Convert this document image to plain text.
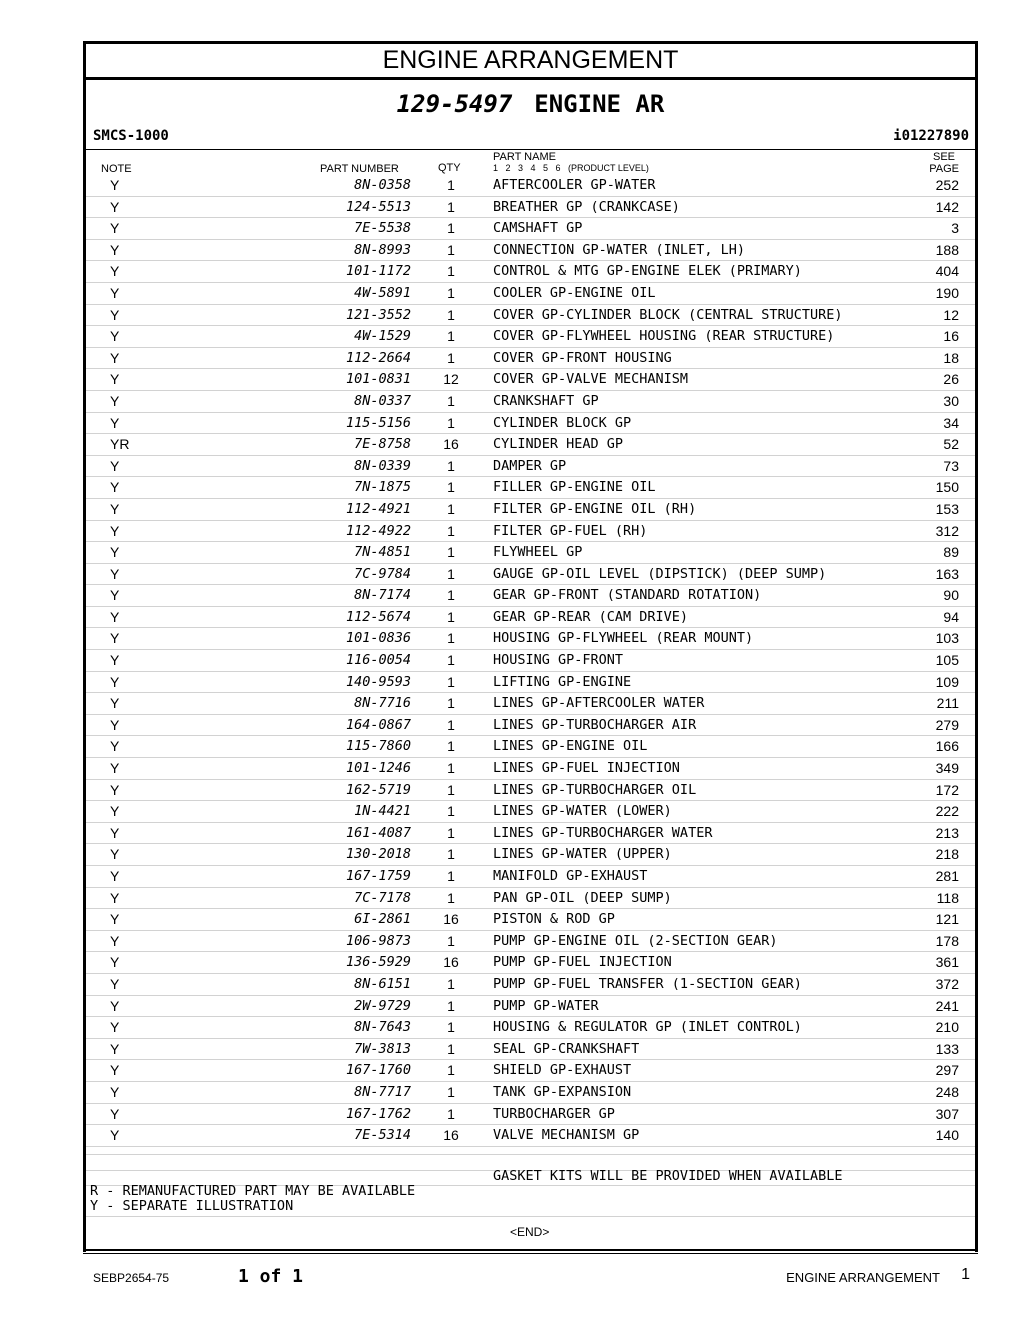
ENGINE ARRANGEMENT
129-5497 ENGINE AR
SMCS-1000	i01227890
NOTE	PART NUMBER	QTY
PART NAME
1   2   3   4   5   6   (PRODUCT LEVEL)
SEE
PAGE
Y	8N-0358	1	AFTERCOOLER GP-WATER	252
Y	124-5513	1	BREATHER GP (CRANKCASE)	142
Y	7E-5538	1	CAMSHAFT GP	3
Y	8N-8993	1	CONNECTION GP-WATER (INLET, LH)	188
Y	101-1172	1	CONTROL & MTG GP-ENGINE ELEK (PRIMARY)	404
Y	4W-5891	1	COOLER GP-ENGINE OIL	190
Y	121-3552	1	COVER GP-CYLINDER BLOCK (CENTRAL STRUCTURE)	12
Y	4W-1529	1	COVER GP-FLYWHEEL HOUSING (REAR STRUCTURE)	16
Y	112-2664	1	COVER GP-FRONT HOUSING	18
Y	101-0831	12	COVER GP-VALVE MECHANISM	26
Y	8N-0337	1	CRANKSHAFT GP	30
Y	115-5156	1	CYLINDER BLOCK GP	34
YR	7E-8758	16	CYLINDER HEAD GP	52
Y	8N-0339	1	DAMPER GP	73
Y	7N-1875	1	FILLER GP-ENGINE OIL	150
Y	112-4921	1	FILTER GP-ENGINE OIL (RH)	153
Y	112-4922	1	FILTER GP-FUEL (RH)	312
Y	7N-4851	1	FLYWHEEL GP	89
Y	7C-9784	1	GAUGE GP-OIL LEVEL (DIPSTICK) (DEEP SUMP)	163
Y	8N-7174	1	GEAR GP-FRONT (STANDARD ROTATION)	90
Y	112-5674	1	GEAR GP-REAR (CAM DRIVE)	94
Y	101-0836	1	HOUSING GP-FLYWHEEL (REAR MOUNT)	103
Y	116-0054	1	HOUSING GP-FRONT	105
Y	140-9593	1	LIFTING GP-ENGINE	109
Y	8N-7716	1	LINES GP-AFTERCOOLER WATER	211
Y	164-0867	1	LINES GP-TURBOCHARGER AIR	279
Y	115-7860	1	LINES GP-ENGINE OIL	166
Y	101-1246	1	LINES GP-FUEL INJECTION	349
Y	162-5719	1	LINES GP-TURBOCHARGER OIL	172
Y	1N-4421	1	LINES GP-WATER (LOWER)	222
Y	161-4087	1	LINES GP-TURBOCHARGER WATER	213
Y	130-2018	1	LINES GP-WATER (UPPER)	218
Y	167-1759	1	MANIFOLD GP-EXHAUST	281
Y	7C-7178	1	PAN GP-OIL (DEEP SUMP)	118
Y	6I-2861	16	PISTON & ROD GP	121
Y	106-9873	1	PUMP GP-ENGINE OIL (2-SECTION GEAR)	178
Y	136-5929	16	PUMP GP-FUEL INJECTION	361
Y	8N-6151	1	PUMP GP-FUEL TRANSFER (1-SECTION GEAR)	372
Y	2W-9729	1	PUMP GP-WATER	241
Y	8N-7643	1	HOUSING & REGULATOR GP (INLET CONTROL)	210
Y	7W-3813	1	SEAL GP-CRANKSHAFT	133
Y	167-1760	1	SHIELD GP-EXHAUST	297
Y	8N-7717	1	TANK GP-EXPANSION	248
Y	167-1762	1	TURBOCHARGER GP	307
Y	7E-5314	16	VALVE MECHANISM GP	140
GASKET KITS WILL BE PROVIDED WHEN AVAILABLE
R - REMANUFACTURED PART MAY BE AVAILABLE
Y - SEPARATE ILLUSTRATION
<END>
SEBP2654-75	1 of 1	ENGINE ARRANGEMENT 1
